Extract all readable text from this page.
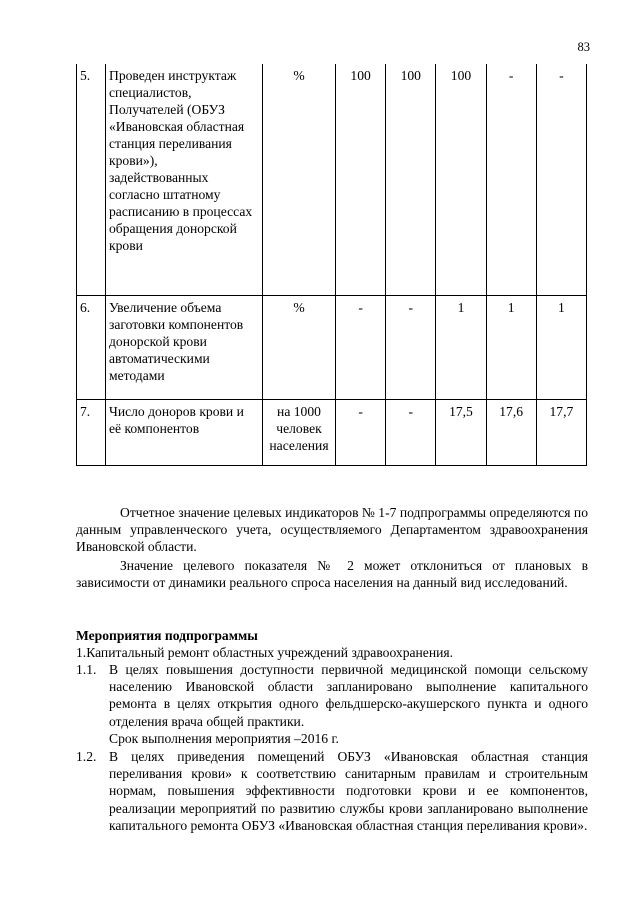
83
5.	Проведен инструктаж специалистов, Получателей (ОБУЗ «Ивановская областная станция переливания крови»), задействованных согласно штатному расписанию в процессах обращения донорской крови	%	100	100	100	-	-
6.	Увеличение объема заготовки компонентов донорской крови автоматическими методами	%	-	-	1	1	1
7.	Число доноров крови и её компонентов	на 1000 человек населения	-	-	17,5	17,6	17,7

Отчетное значение целевых индикаторов № 1-7 подпрограммы определяются по данным управленческого учета, осуществляемого Департаментом здравоохранения Ивановской области.

Значение целевого показателя № 2 может отклониться от плановых в зависимости от динамики реального спроса населения на данный вид исследований.

Мероприятия подпрограммы
1.Капитальный ремонт областных учреждений здравоохранения.
1.1. В целях повышения доступности первичной медицинской помощи сельскому населению Ивановской области запланировано выполнение капитального ремонта в целях открытия одного фельдшерско-акушерского пункта и одного отделения врача общей практики.

Срок выполнения мероприятия –2016 г.

1.2. В целях приведения помещений ОБУЗ «Ивановская областная станция переливания крови» к соответствию санитарным правилам и строительным нормам, повышения эффективности подготовки крови и ее компонентов, реализации мероприятий по развитию службы крови запланировано выполнение капитального ремонта ОБУЗ «Ивановская областная станция переливания крови».
